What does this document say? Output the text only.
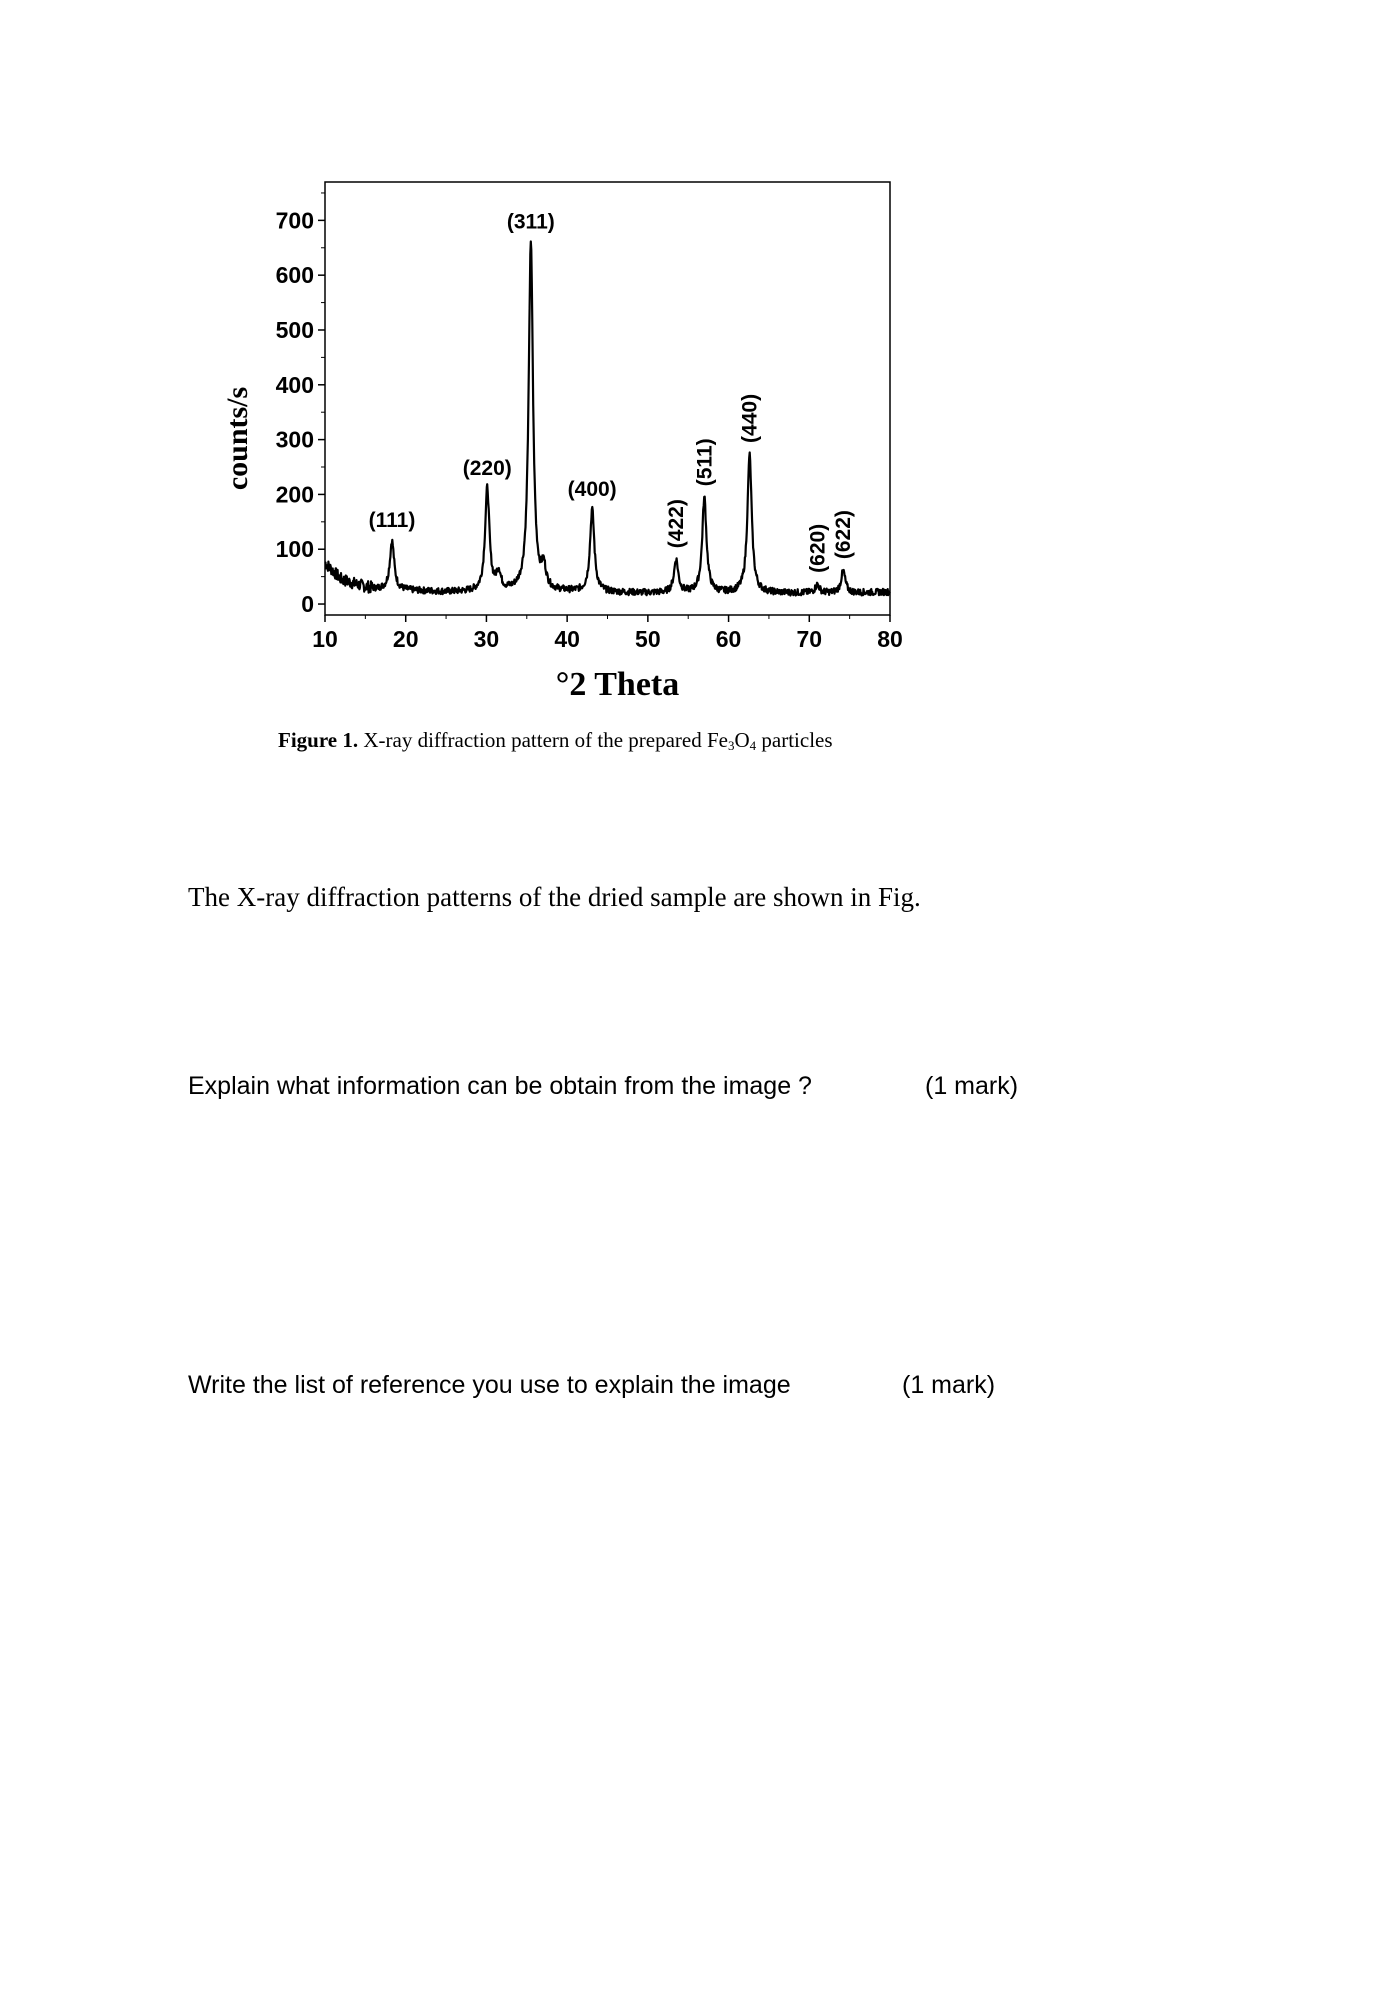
0
100
200
300
400
500
600
700
10 20 30 40 50 60 70 80
°2 Theta
counts/s
(111)
(220)
(311)
(400)
(422)
(511)
(440)
(620) (622)
Figure 1. X-ray diffraction pattern of the prepared $Fe_3O_4$ particles
The X-ray diffraction patterns of the dried sample are shown in Fig.
Explain what information can be obtain from the image ?	(1 mark)
Write the list of reference you use to explain the image	(1 mark)
